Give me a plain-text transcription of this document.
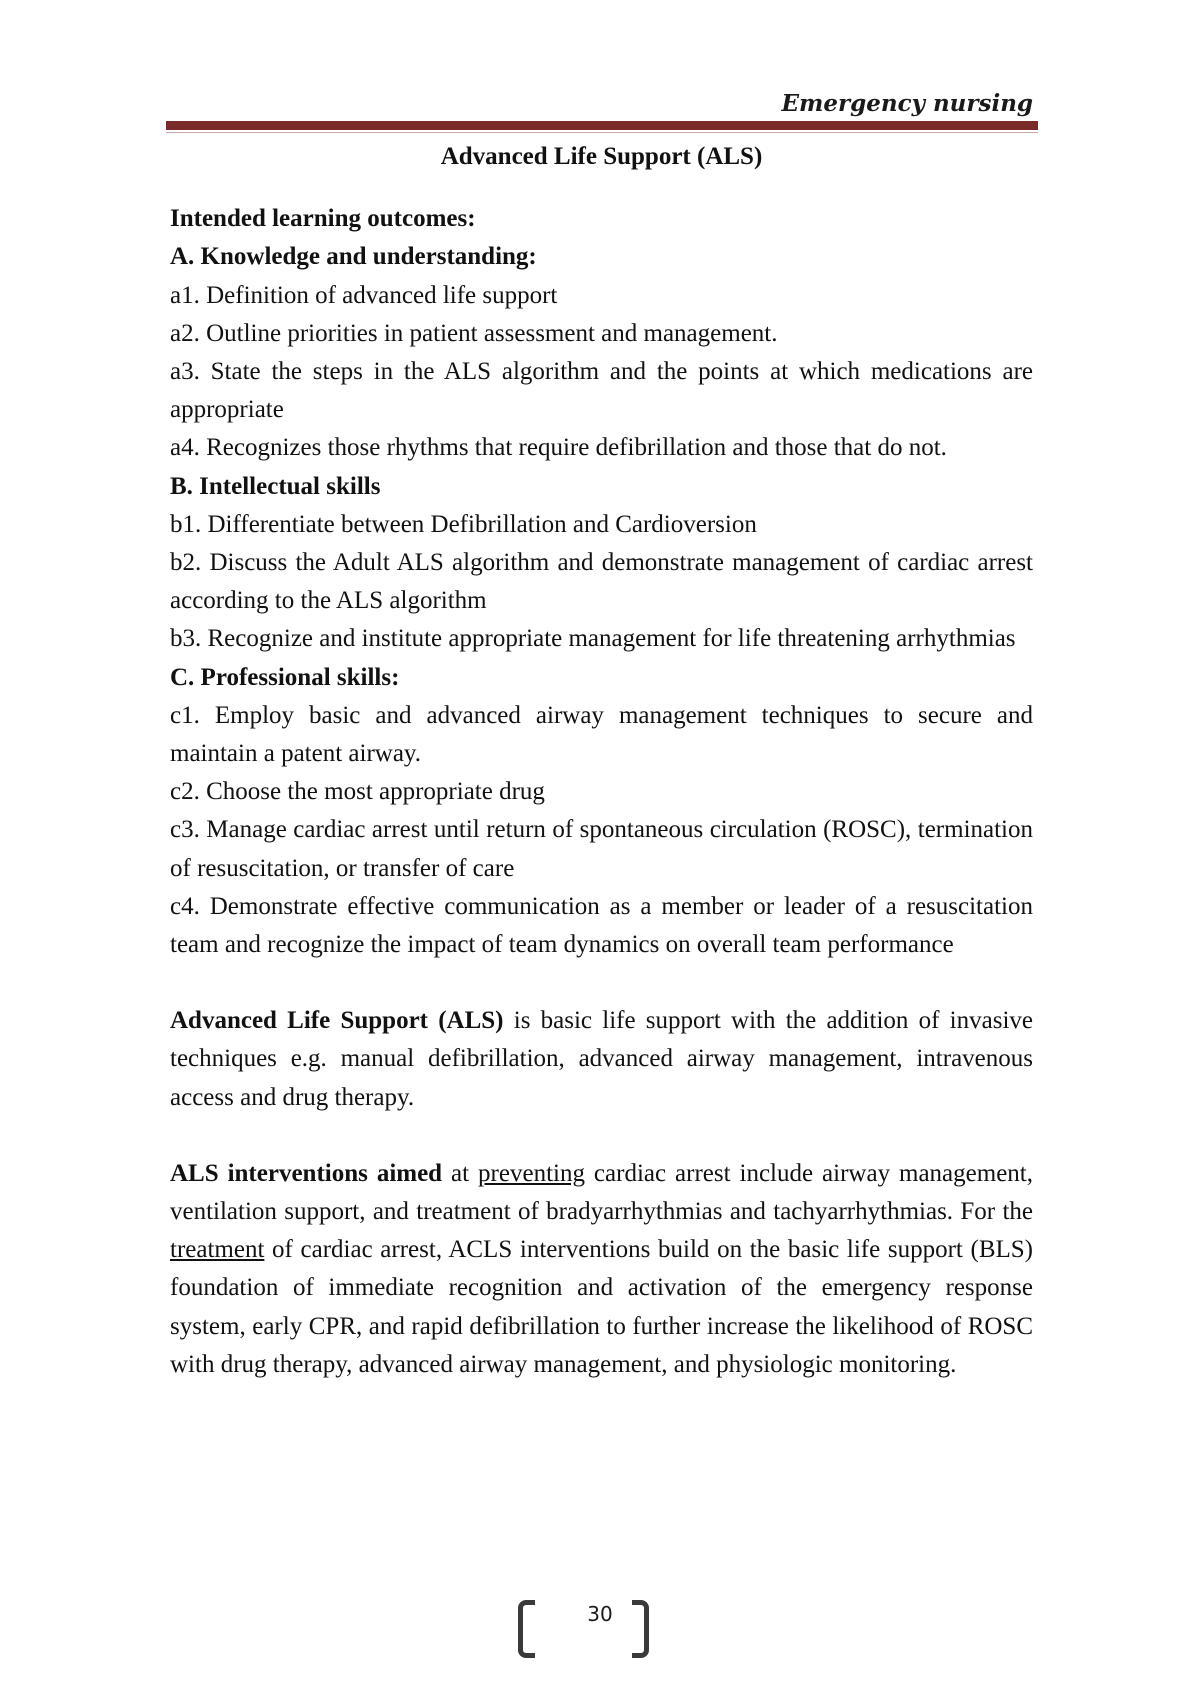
Emergency nursing

Advanced Life Support (ALS)

Intended learning outcomes:

A. Knowledge and understanding:

a1. Definition of advanced life support

a2. Outline priorities in patient assessment and management.

a3. State the steps in the ALS algorithm and the points at which medications are appropriate

a4. Recognizes those rhythms that require defibrillation and those that do not.

B. Intellectual skills

b1. Differentiate between Defibrillation and Cardioversion

b2. Discuss the Adult ALS algorithm and demonstrate management of cardiac arrest according to the ALS algorithm

b3. Recognize and institute appropriate management for life threatening arrhythmias

C. Professional skills:

c1. Employ basic and advanced airway management techniques to secure and maintain a patent airway.

c2. Choose the most appropriate drug

c3. Manage cardiac arrest until return of spontaneous circulation (ROSC), termination of resuscitation, or transfer of care

c4. Demonstrate effective communication as a member or leader of a resuscitation team and recognize the impact of team dynamics on overall team performance

Advanced Life Support (ALS) is basic life support with the addition of invasive techniques e.g. manual defibrillation, advanced airway management, intravenous access and drug therapy.

ALS interventions aimed at preventing cardiac arrest include airway management, ventilation support, and treatment of bradyarrhythmias and tachyarrhythmias. For the treatment of cardiac arrest, ACLS interventions build on the basic life support (BLS) foundation of immediate recognition and activation of the emergency response system, early CPR, and rapid defibrillation to further increase the likelihood of ROSC with drug therapy, advanced airway management, and physiologic monitoring.

30
